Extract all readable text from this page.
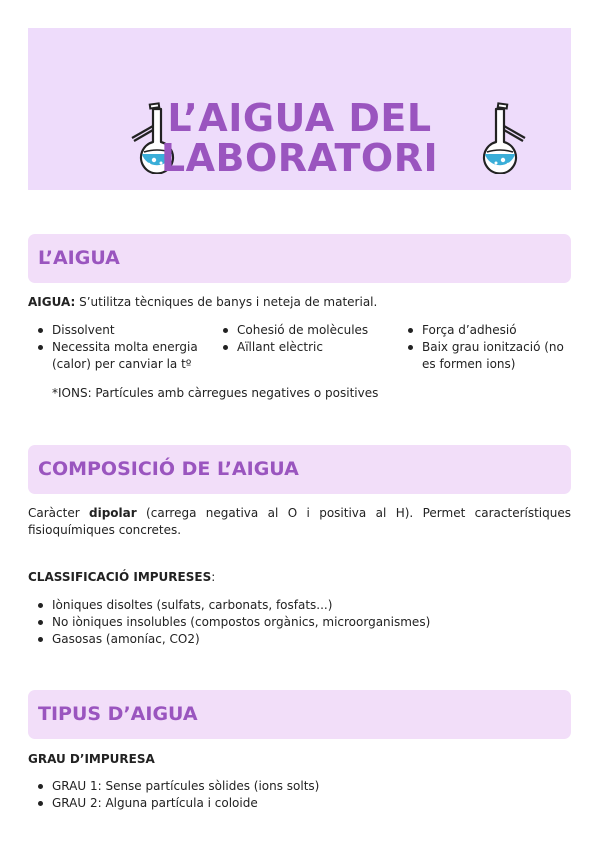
L’AIGUA DEL
LABORATORI
L’AIGUA
AIGUA: S’utilitza tècniques de banys i neteja de material.
Dissolvent
Necessita molta energia (calor) per canviar la tº
Cohesió de molècules
Aïllant elèctric
Força d’adhesió
Baix grau ionització (no es formen ions)
*IONS: Partícules amb càrregues negatives o positives
COMPOSICIÓ DE L’AIGUA
Caràcter dipolar (carrega negativa al O i positiva al H). Permet característiques fisioquímiques concretes.
CLASSIFICACIÓ IMPURESES:
Iòniques disoltes (sulfats, carbonats, fosfats...)
No iòniques insolubles (compostos orgànics, microorganismes)
Gasosas (amoníac, CO2)
TIPUS D’AIGUA
GRAU D’IMPURESA
GRAU 1: Sense partícules sòlides (ions solts)
GRAU 2: Alguna partícula i coloide
